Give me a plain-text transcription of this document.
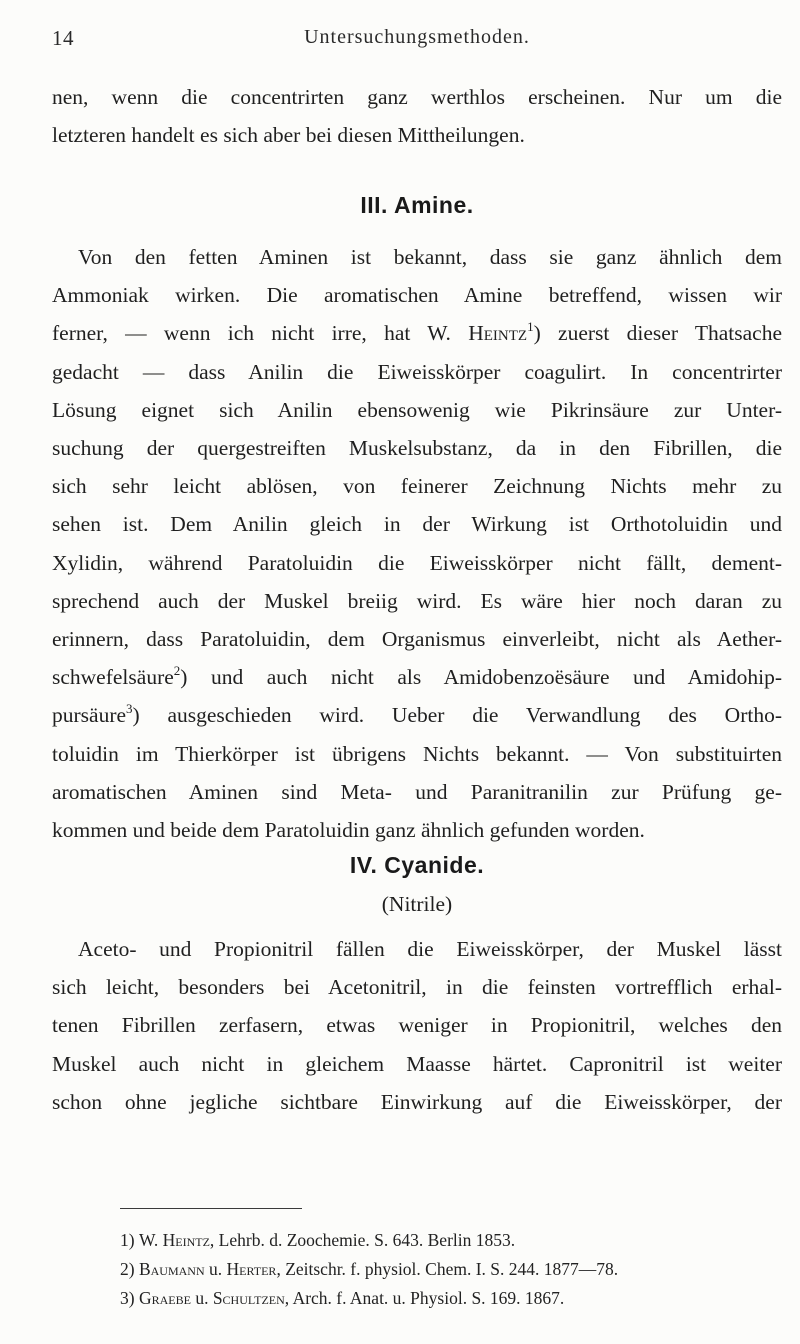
14	Untersuchungsmethoden.
nen, wenn die concentrirten ganz werthlos erscheinen. Nur um die
letzteren handelt es sich aber bei diesen Mittheilungen.
III. Amine.
Von den fetten Aminen ist bekannt, dass sie ganz ähnlich dem
Ammoniak wirken. Die aromatischen Amine betreffend, wissen wir
ferner, — wenn ich nicht irre, hat W. Heintz$^1$) zuerst dieser Thatsache
gedacht — dass Anilin die Eiweisskörper coagulirt. In concentrirter
Lösung eignet sich Anilin ebensowenig wie Pikrinsäure zur Unter-
suchung der quergestreiften Muskelsubstanz, da in den Fibrillen, die
sich sehr leicht ablösen, von feinerer Zeichnung Nichts mehr zu
sehen ist. Dem Anilin gleich in der Wirkung ist Orthotoluidin und
Xylidin, während Paratoluidin die Eiweisskörper nicht fällt, dement-
sprechend auch der Muskel breiig wird. Es wäre hier noch daran zu
erinnern, dass Paratoluidin, dem Organismus einverleibt, nicht als Aether-
schwefelsäure$^2$) und auch nicht als Amidobenzoësäure und Amidohip-
pursäure$^3$) ausgeschieden wird. Ueber die Verwandlung des Ortho-
toluidin im Thierkörper ist übrigens Nichts bekannt. — Von substituirten
aromatischen Aminen sind Meta- und Paranitranilin zur Prüfung ge-
kommen und beide dem Paratoluidin ganz ähnlich gefunden worden.
IV. Cyanide.
(Nitrile)
Aceto- und Propionitril fällen die Eiweisskörper, der Muskel lässt
sich leicht, besonders bei Acetonitril, in die feinsten vortrefflich erhal-
tenen Fibrillen zerfasern, etwas weniger in Propionitril, welches den
Muskel auch nicht in gleichem Maasse härtet. Capronitril ist weiter
schon ohne jegliche sichtbare Einwirkung auf die Eiweisskörper, der
1) W. Heintz, Lehrb. d. Zoochemie. S. 643. Berlin 1853.
2) Baumann u. Herter, Zeitschr. f. physiol. Chem. I. S. 244. 1877—78.
3) Graebe u. Schultzen, Arch. f. Anat. u. Physiol. S. 169. 1867.
